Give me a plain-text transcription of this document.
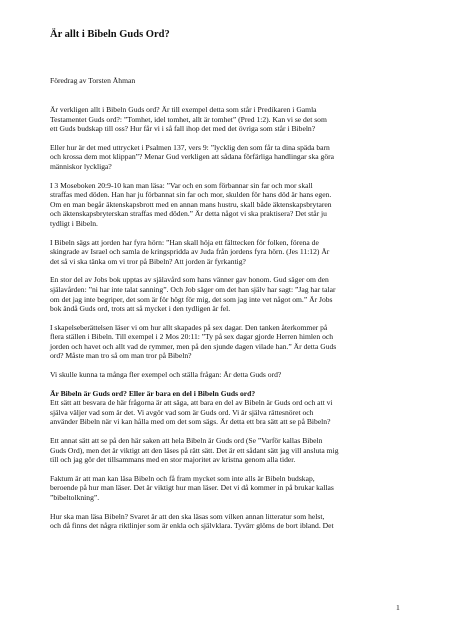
Är allt i Bibeln Guds Ord?
Föredrag av Torsten Åhman
Är verkligen allt i Bibeln Guds ord? Är till exempel detta som står i Predikaren i Gamla
Testamentet Guds ord?: ”Tomhet, idel tomhet, allt är tomhet” (Pred 1:2). Kan vi se det som
ett Guds budskap till oss? Hur får vi i så fall ihop det med det övriga som står i Bibeln?
Eller hur är det med uttrycket i Psalmen 137, vers 9: ”lycklig den som får ta dina späda barn
och krossa dem mot klippan”? Menar Gud verkligen att sådana förfärliga handlingar ska göra
människor lyckliga?
I 3 Moseboken 20:9-10 kan man läsa: ”Var och en som förbannar sin far och mor skall
straffas med döden. Han har ju förbannat sin far och mor, skulden för hans död är hans egen.
Om en man begår äktenskapsbrott med en annan mans hustru, skall både äktenskapsbrytaren
och äktenskapsbryterskan straffas med döden.” Är detta något vi ska praktisera? Det står ju
tydligt i Bibeln.
I Bibeln sägs att jorden har fyra hörn: ”Han skall höja ett fälttecken för folken, förena de
skingrade av Israel och samla de kringspridda av Juda från jordens fyra hörn. (Jes 11:12) Är
det så vi ska tänka om vi tror på Bibeln? Att jorden är fyrkantig?
En stor del av Jobs bok upptas av själavård som hans vänner gav honom. Gud säger om den
själavården: ”ni har inte talat sanning”. Och Job säger om det han själv har sagt: ”Jag har talar
om det jag inte begriper, det som är för högt för mig, det som jag inte vet något om.” Är Jobs
bok ändå Guds ord, trots att så mycket i den tydligen är fel.
I skapelseberättelsen läser vi om hur allt skapades på sex dagar. Den tanken återkommer på
flera ställen i Bibeln. Till exempel i 2 Mos 20:11: ”Ty på sex dagar gjorde Herren himlen och
jorden och havet och allt vad de rymmer, men på den sjunde dagen vilade han.” Är detta Guds
ord? Måste man tro så om man tror på Bibeln?
Vi skulle kunna ta många fler exempel och ställa frågan: Är detta Guds ord?
Är Bibeln är Guds ord? Eller är bara en del i Bibeln Guds ord?
Ett sätt att besvara de här frågorna är att säga, att bara en del av Bibeln är Guds ord och att vi
själva väljer vad som är det. Vi avgör vad som är Guds ord. Vi är själva rättesnöret och
använder Bibeln när vi kan hålla med om det som sägs. Är detta ett bra sätt att se på Bibeln?
Ett annat sätt att se på den här saken att hela Bibeln är Guds ord (Se ”Varför kallas Bibeln
Guds Ord), men det är viktigt att den läses på rätt sätt. Det är ett sådant sätt jag vill ansluta mig
till och jag gör det tillsammans med en stor majoritet av kristna genom alla tider.
Faktum är att man kan läsa Bibeln och få fram mycket som inte alls är Bibeln budskap,
beroende på hur man läser. Det är viktigt hur man läser. Det vi då kommer in på brukar kallas
”bibeltolkning”.
Hur ska man läsa Bibeln? Svaret är att den ska läsas som vilken annan litteratur som helst,
och då finns det några riktlinjer som är enkla och självklara. Tyvärr glöms de bort ibland. Det
1
